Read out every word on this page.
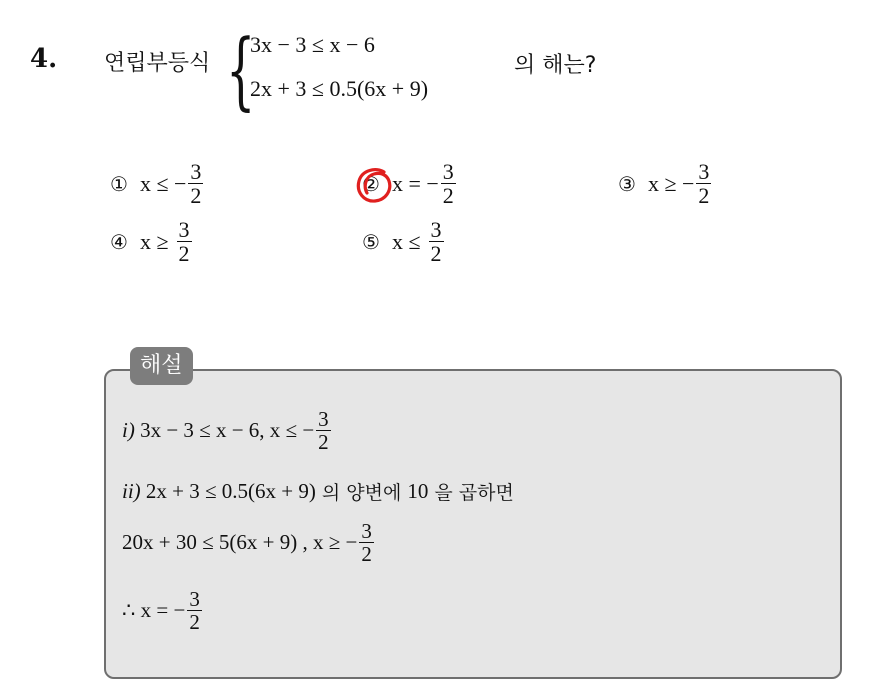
4. 연립부등식 {
3x − 3 ≤ x − 6
2x + 3 ≤ 0.5(6x + 9)
의 해는?
① x ≤ − $\frac{3}{2}$	② x = − $\frac{3}{2}$	③ x ≥ − $\frac{3}{2}$
④ $x \ge \frac{3}{2}$	⑤ $x \le \frac{3}{2}$
해설
i)
3x − 3 ≤ x − 6, x ≤ − $\frac{3}{2}$
ii)
2x + 3 ≤ 0.5(6x + 9) 의 양변에 10 을 곱하면
20x + 30 ≤ 5(6x + 9) , x ≥ − $\frac{3}{2}$
∴ x = − $\frac{3}{2}$
